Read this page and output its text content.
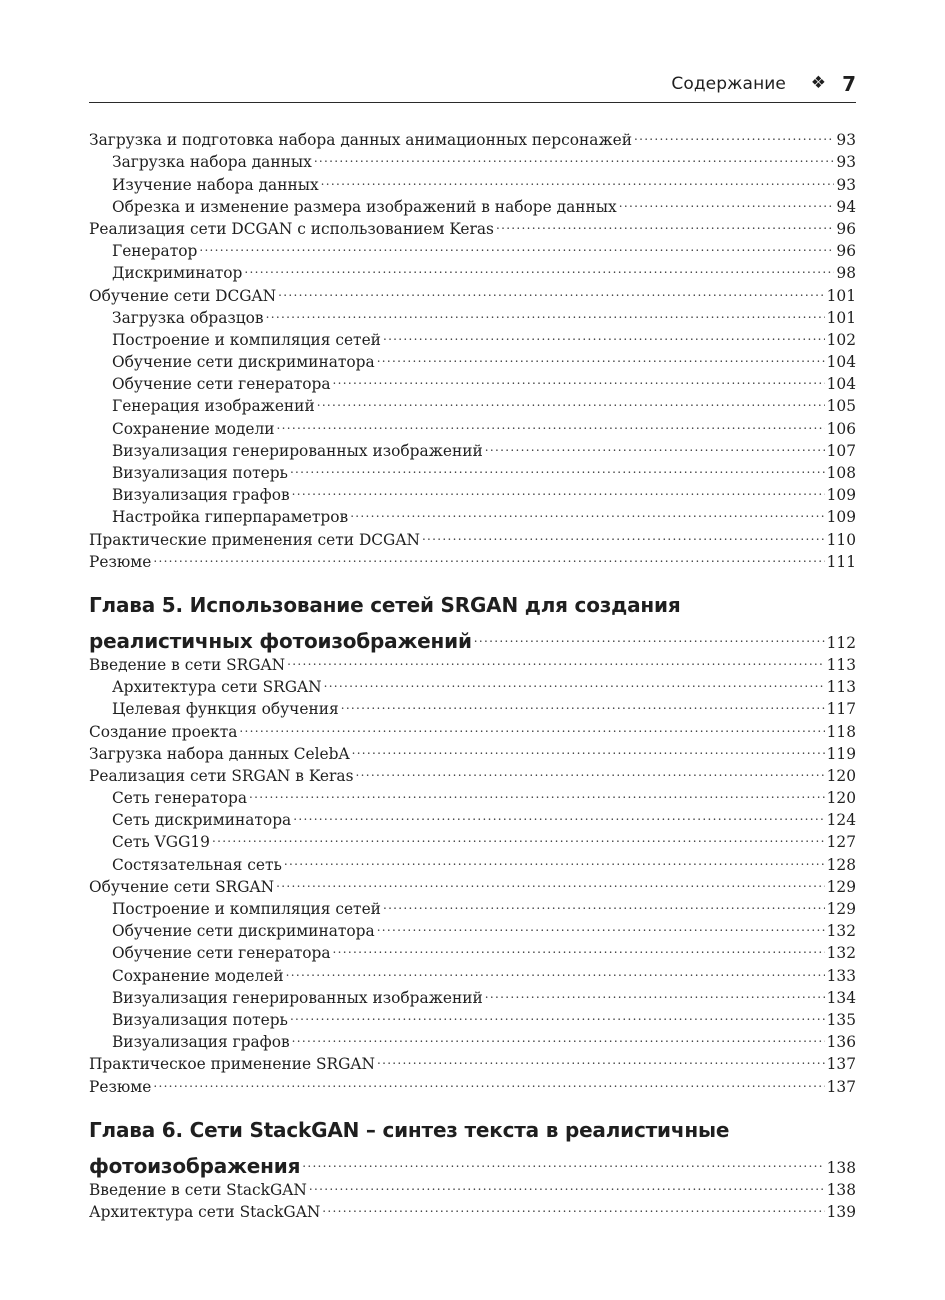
Содержание ❖ 7
Загрузка и подготовка набора данных анимационных персонажей .....	93
Загрузка набора данных .....	93
Изучение набора данных .....	93
Обрезка и изменение размера изображений в наборе данных .....	94
Реализация сети DCGAN с использованием Keras .....	96
Генератор .....	96
Дискриминатор .....	98
Обучение сети DCGAN .....	101
Загрузка образцов .....	101
Построение и компиляция сетей .....	102
Обучение сети дискриминатора .....	104
Обучение сети генератора .....	104
Генерация изображений .....	105
Сохранение модели .....	106
Визуализация генерированных изображений .....	107
Визуализация потерь .....	108
Визуализация графов .....	109
Настройка гиперпараметров .....	109
Практические применения сети DCGAN .....	110
Резюме .....	111
Глава 5. Использование сетей SRGAN для создания
реалистичных фотоизображений .....	112
Введение в сети SRGAN .....	113
Архитектура сети SRGAN .....	113
Целевая функция обучения .....	117
Создание проекта .....	118
Загрузка набора данных CelebA .....	119
Реализация сети SRGAN в Keras .....	120
Сеть генератора .....	120
Сеть дискриминатора .....	124
Сеть VGG19 .....	127
Состязательная сеть .....	128
Обучение сети SRGAN .....	129
Построение и компиляция сетей .....	129
Обучение сети дискриминатора .....	132
Обучение сети генератора .....	132
Сохранение моделей .....	133
Визуализация генерированных изображений .....	134
Визуализация потерь .....	135
Визуализация графов .....	136
Практическое применение SRGAN .....	137
Резюме .....	137
Глава 6. Сети StackGAN – синтез текста в реалистичные
фотоизображения .....	138
Введение в сети StackGAN .....	138
Архитектура сети StackGAN .....	139
